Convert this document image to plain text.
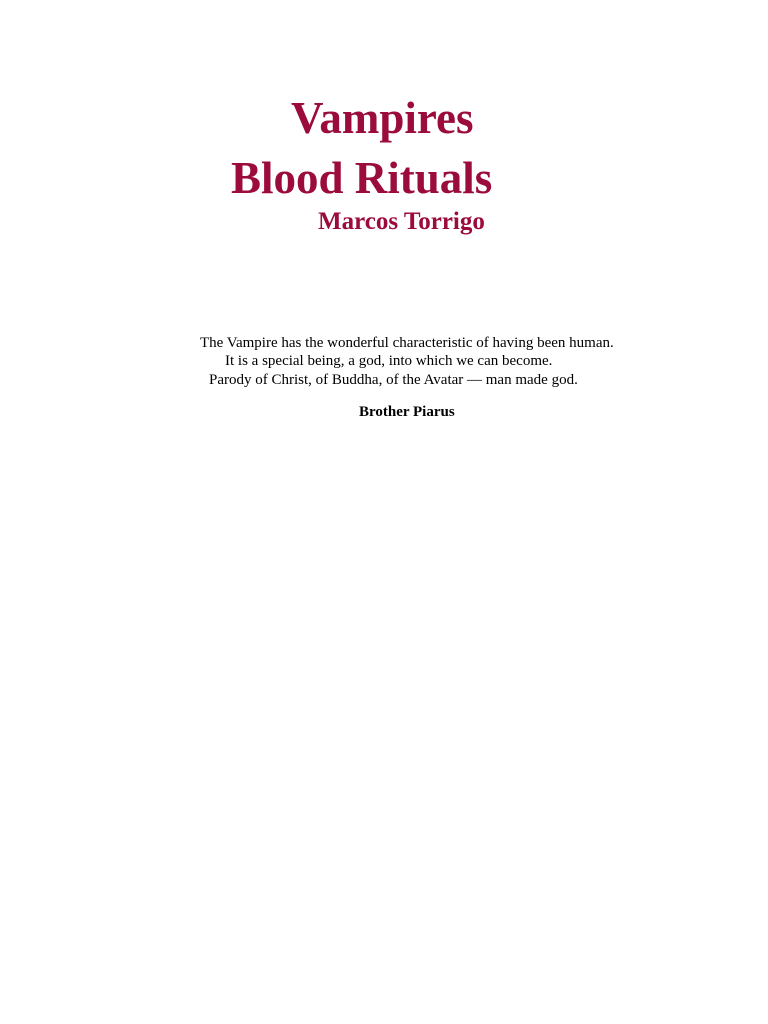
Vampires
Blood Rituals
Marcos Torrigo
The Vampire has the wonderful characteristic of having been human.
It is a special being, a god, into which we can become.
Parody of Christ, of Buddha, of the Avatar — man made god.
Brother Piarus
